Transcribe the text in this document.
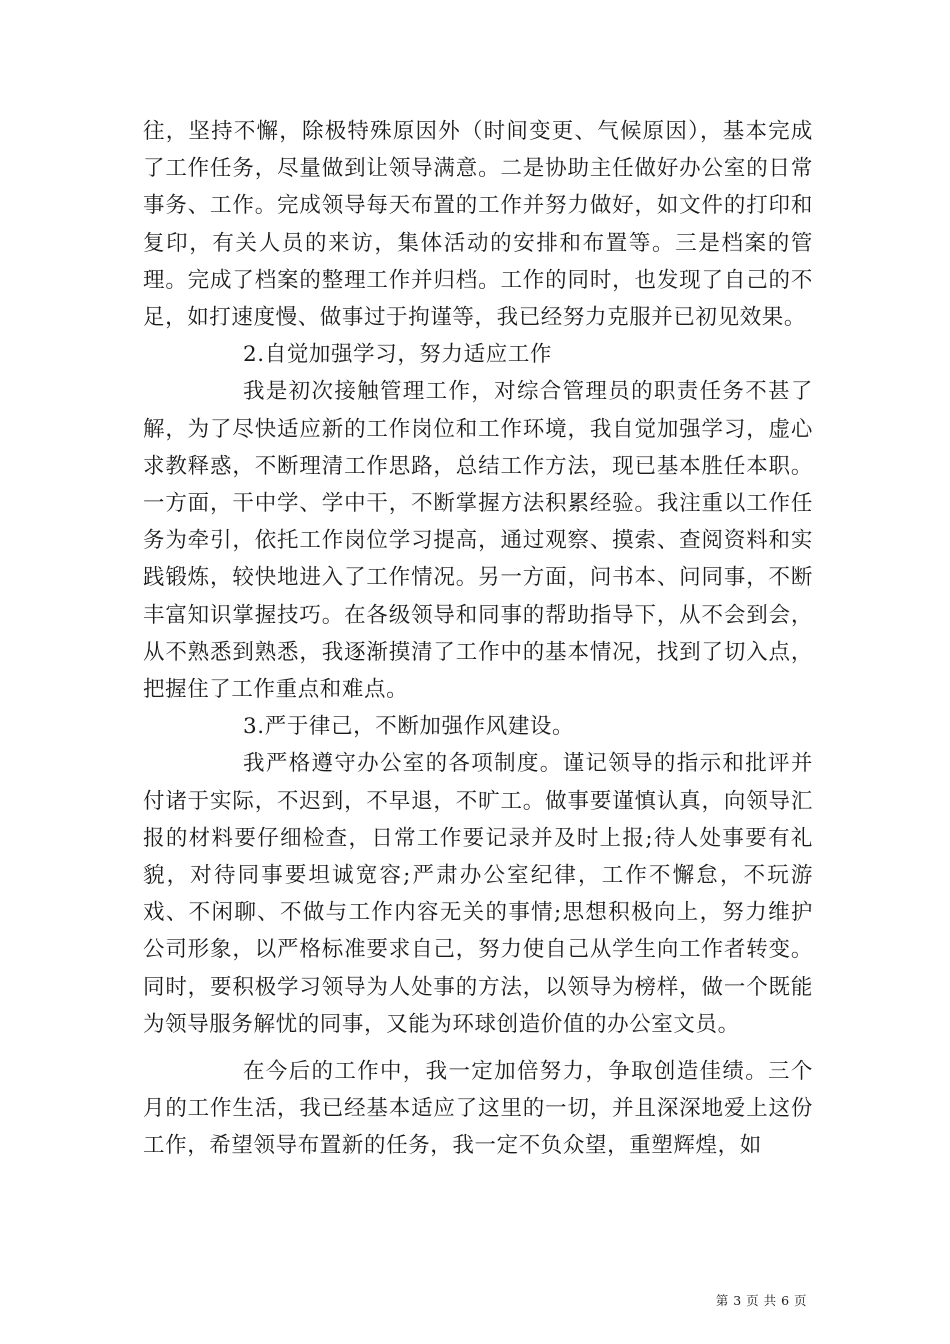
往，坚持不懈，除极特殊原因外（时间变更、气候原因），基本完成了工作任务，尽量做到让领导满意。二是协助主任做好办公室的日常事务、工作。完成领导每天布置的工作并努力做好，如文件的打印和复印，有关人员的来访，集体活动的安排和布置等。三是档案的管理。完成了档案的整理工作并归档。工作的同时，也发现了自己的不足，如打速度慢、做事过于拘谨等，我已经努力克服并已初见效果。

2.自觉加强学习，努力适应工作

我是初次接触管理工作，对综合管理员的职责任务不甚了解，为了尽快适应新的工作岗位和工作环境，我自觉加强学习，虚心求教释惑，不断理清工作思路，总结工作方法，现已基本胜任本职。一方面，干中学、学中干，不断掌握方法积累经验。我注重以工作任务为牵引，依托工作岗位学习提高，通过观察、摸索、查阅资料和实践锻炼，较快地进入了工作情况。另一方面，问书本、问同事，不断丰富知识掌握技巧。在各级领导和同事的帮助指导下，从不会到会，从不熟悉到熟悉，我逐渐摸清了工作中的基本情况，找到了切入点，把握住了工作重点和难点。

3.严于律己，不断加强作风建设。

我严格遵守办公室的各项制度。谨记领导的指示和批评并付诸于实际，不迟到，不早退，不旷工。做事要谨慎认真，向领导汇报的材料要仔细检查，日常工作要记录并及时上报;待人处事要有礼貌，对待同事要坦诚宽容;严肃办公室纪律，工作不懈怠，不玩游戏、不闲聊、不做与工作内容无关的事情;思想积极向上，努力维护公司形象，以严格标准要求自己，努力使自己从学生向工作者转变。同时，要积极学习领导为人处事的方法，以领导为榜样，做一个既能为领导服务解忧的同事，又能为环球创造价值的办公室文员。

在今后的工作中，我一定加倍努力，争取创造佳绩。三个月的工作生活，我已经基本适应了这里的一切，并且深深地爱上这份工作，希望领导布置新的任务，我一定不负众望，重塑辉煌，如

第 3 页 共 6 页
